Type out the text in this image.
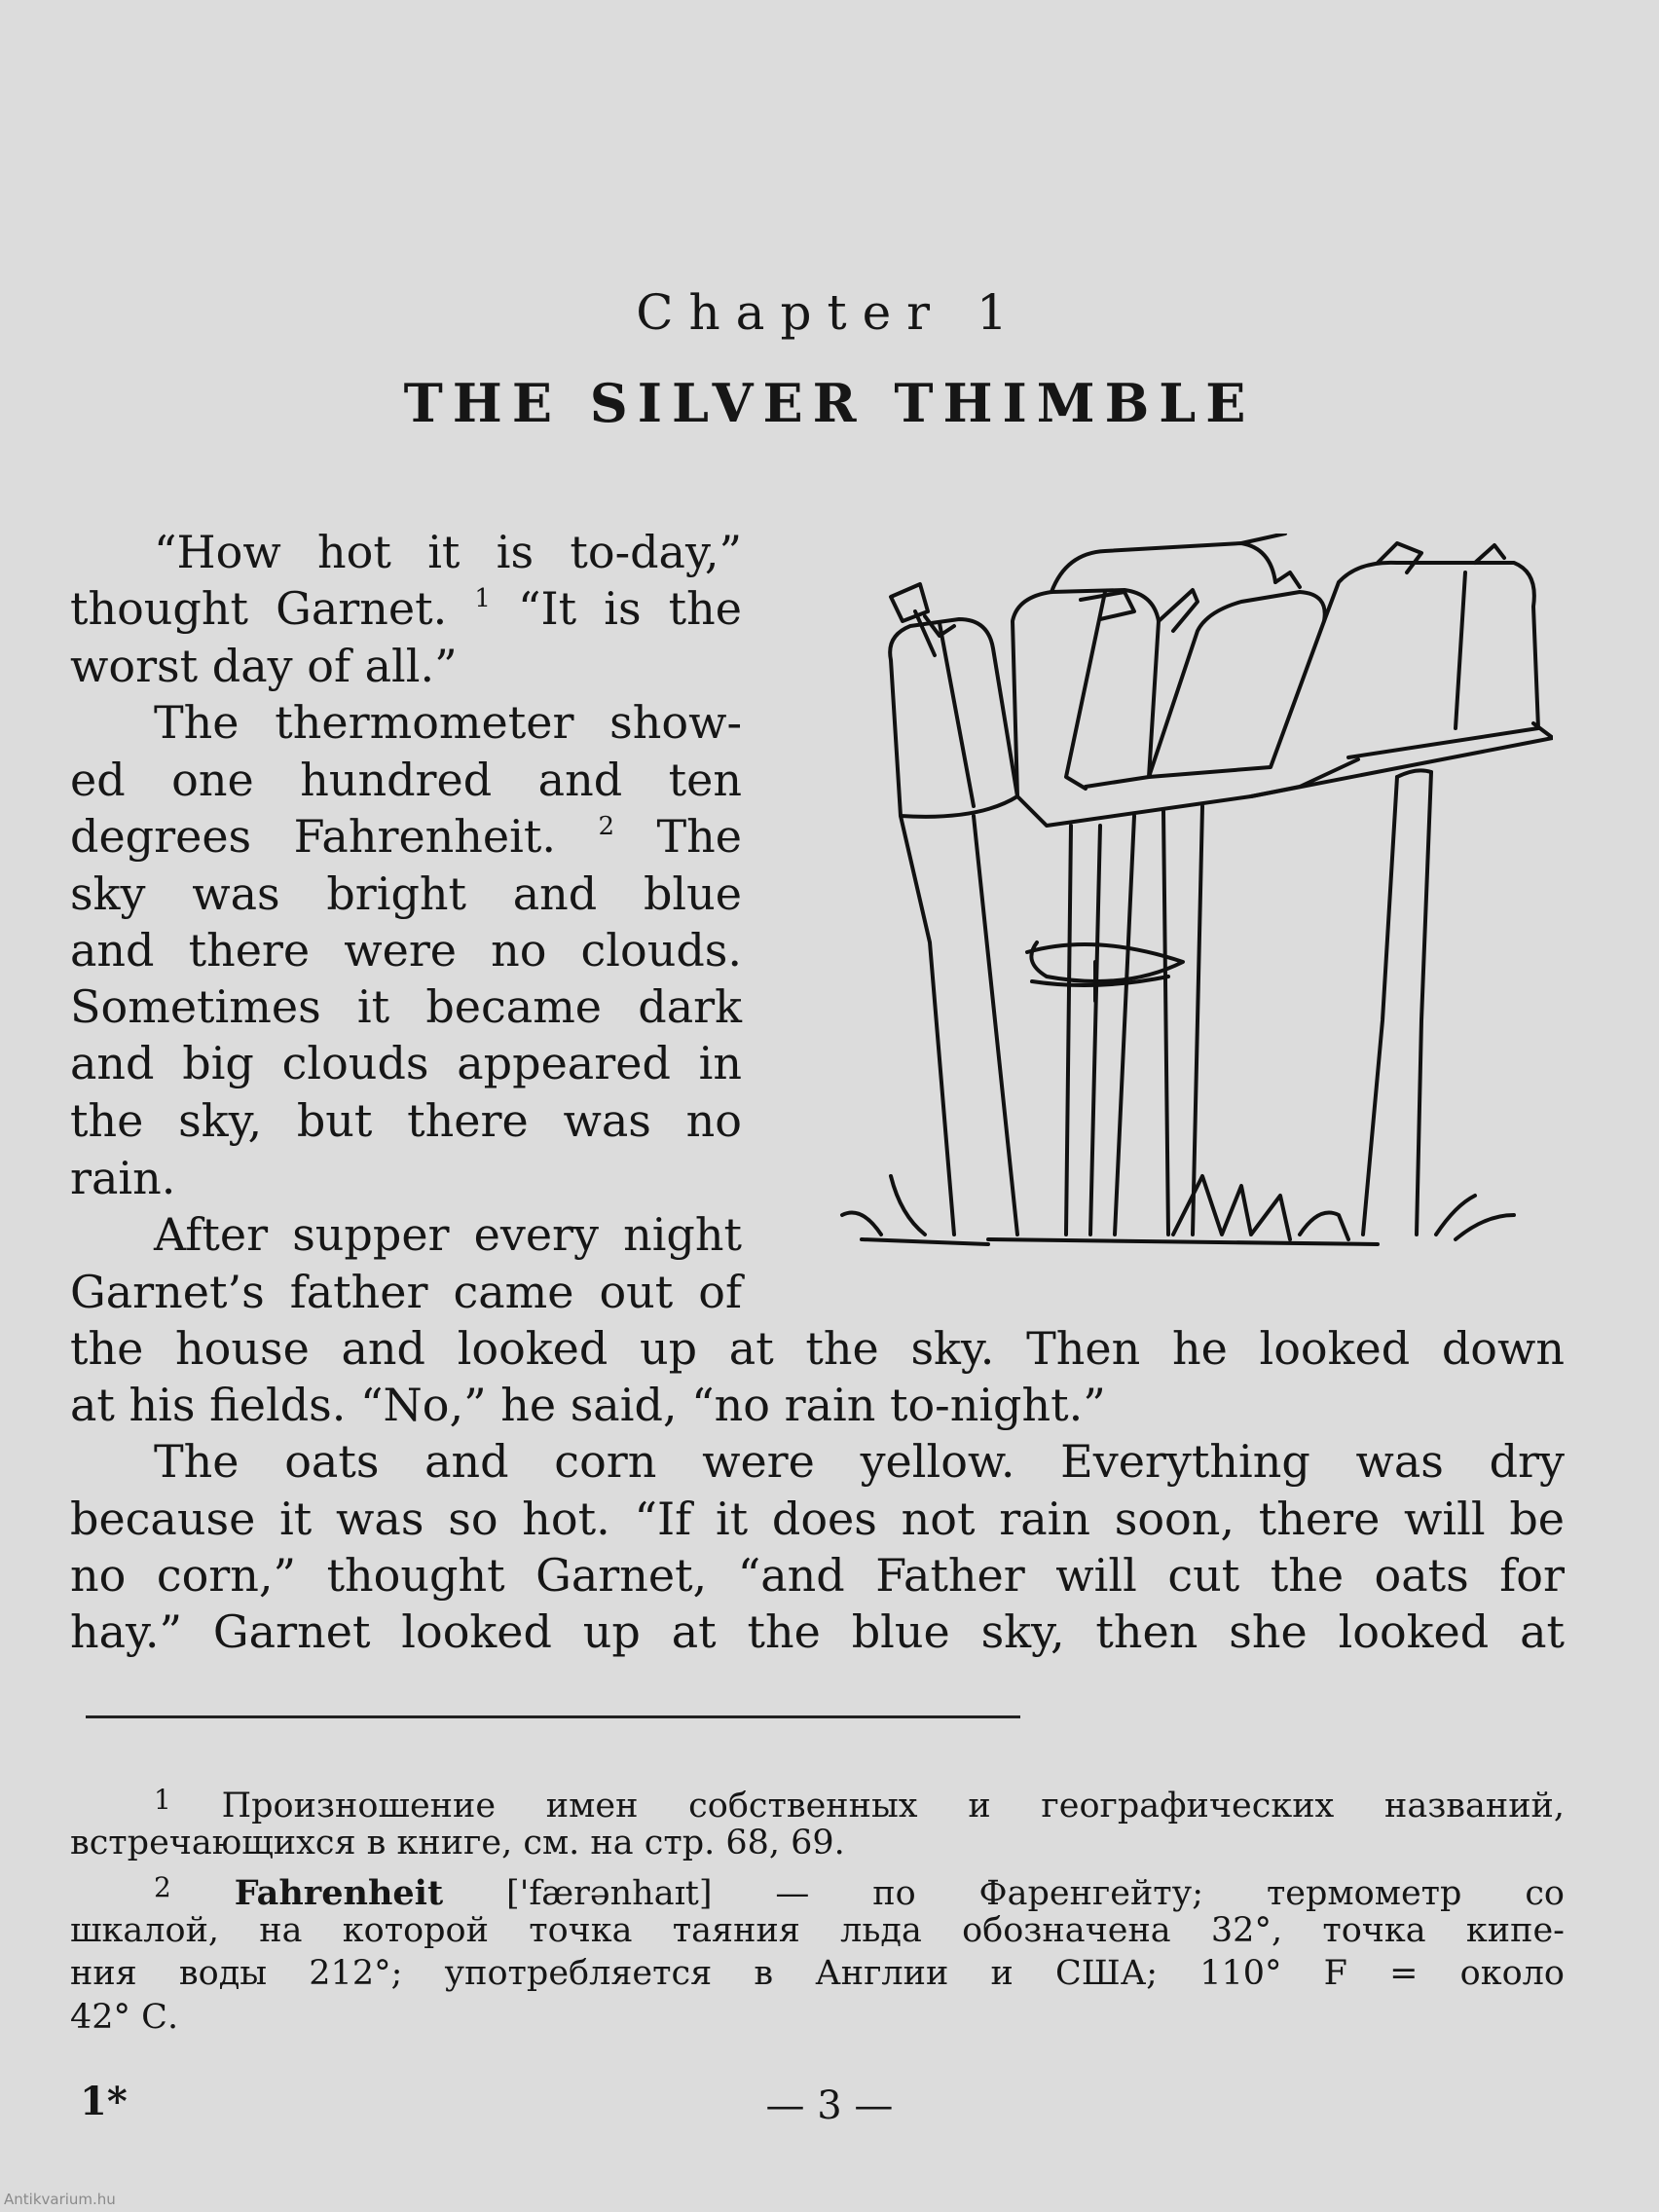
Chapter 1
THE SILVER THIMBLE
“How hot it is to-day,”
thought Garnet. $^1$ “It is the
worst day of all.”
The thermometer show-
ed one hundred and ten
degrees Fahrenheit. $^2$ The
sky was bright and blue
and there were no clouds.
Sometimes it became dark
and big clouds appeared in
the sky, but there was no
rain.
After supper every night
Garnet’s father came out of
the house and looked up at the sky. Then he looked down
at his fields. “No,” he said, “no rain to-night.”
The oats and corn were yellow. Everything was dry
because it was so hot. “If it does not rain soon, there will be
no corn,” thought Garnet, “and Father will cut the oats for
hay.” Garnet looked up at the blue sky, then she looked at
$^1$ Произношение имен собственных и географических названий,
встречающихся в книге, см. на стр. 68, 69.
$^2$ Fahrenheit ['færənhaɪt] — по Фаренгейту; термометр со
шкалой, на которой точка таяния льда обозначена 32°, точка кипе-
ния воды 212°; употребляется в Англии и США; 110° F = около
42° С.
1*	— 3 —
Antikvarium.hu
